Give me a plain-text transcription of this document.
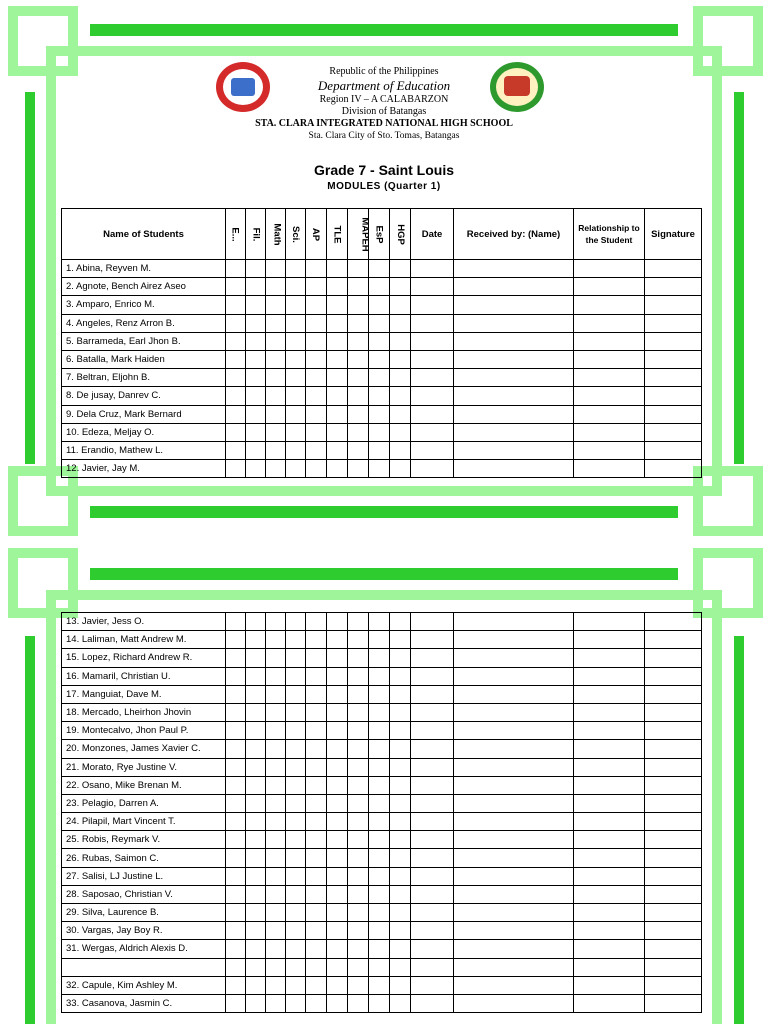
Republic of the Philippines
Department of Education
Region IV – A CALABARZON
Division of Batangas
STA. CLARA INTEGRATED NATIONAL HIGH SCHOOL
Sta. Clara City of Sto. Tomas, Batangas
Grade 7 - Saint Louis
MODULES (Quarter 1)
Name of Students	E...	Fil.	Math	Sci.	AP	TLE	MAPEH	EsP	HGP	Date	Received by: (Name)	Relationship to the Student	Signature
1. Abina, Reyven M.													
2. Agnote, Bench Airez Aseo													
3. Amparo, Enrico M.													
4. Angeles, Renz Arron B.													
5. Barrameda, Earl Jhon B.													
6. Batalla, Mark Haiden													
7. Beltran, Eljohn B.													
8. De jusay, Danrev C.													
9. Dela Cruz, Mark Bernard													
10. Edeza, Meljay O.													
11. Erandio, Mathew L.													
12. Javier, Jay M.													
13. Javier, Jess O.													
14. Laliman, Matt Andrew M.													
15. Lopez, Richard Andrew R.													
16. Mamaril, Christian U.													
17. Manguiat, Dave M.													
18. Mercado, Lheirhon Jhovin													
19. Montecalvo, Jhon Paul P.													
20. Monzones, James Xavier C.													
21. Morato, Rye Justine V.													
22. Osano, Mike Brenan M.													
23. Pelagio, Darren A.													
24. Pilapil, Mart Vincent T.													
25. Robis, Reymark V.													
26. Rubas, Saimon C.													
27. Salisi, LJ Justine L.													
28. Saposao, Christian V.													
29. Silva, Laurence B.													
30. Vargas, Jay Boy R.													
31. Wergas, Aldrich Alexis D.													

32. Capule, Kim Ashley M.													
33. Casanova, Jasmin C.													
